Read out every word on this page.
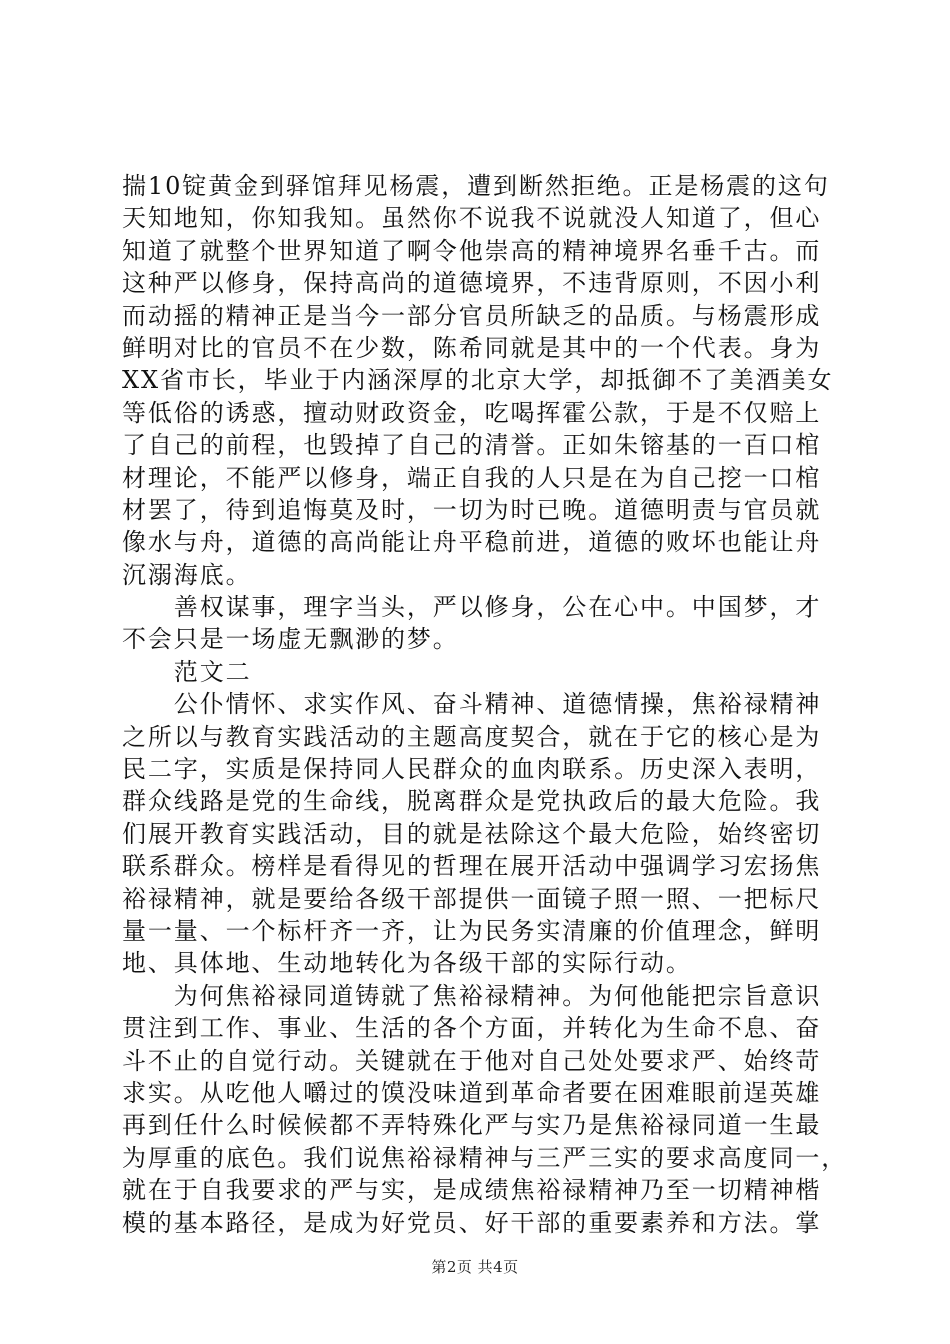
揣10锭黄金到驿馆拜见杨震，遭到断然拒绝。正是杨震的这句
天知地知，你知我知。虽然你不说我不说就没人知道了，但心
知道了就整个世界知道了啊令他崇高的精神境界名垂千古。而
这种严以修身，保持高尚的道德境界，不违背原则，不因小利
而动摇的精神正是当今一部分官员所缺乏的品质。与杨震形成
鲜明对比的官员不在少数，陈希同就是其中的一个代表。身为
XX省市长，毕业于内涵深厚的北京大学，却抵御不了美酒美女
等低俗的诱惑，擅动财政资金，吃喝挥霍公款，于是不仅赔上
了自己的前程，也毁掉了自己的清誉。正如朱镕基的一百口棺
材理论，不能严以修身，端正自我的人只是在为自己挖一口棺
材罢了，待到追悔莫及时，一切为时已晚。道德明责与官员就
像水与舟，道德的高尚能让舟平稳前进，道德的败坏也能让舟
沉溺海底。
　　善权谋事，理字当头，严以修身，公在心中。中国梦，才
不会只是一场虚无飘渺的梦。
　　范文二
　　公仆情怀、求实作风、奋斗精神、道德情操，焦裕禄精神
之所以与教育实践活动的主题高度契合，就在于它的核心是为
民二字，实质是保持同人民群众的血肉联系。历史深入表明，
群众线路是党的生命线，脱离群众是党执政后的最大危险。我
们展开教育实践活动，目的就是祛除这个最大危险，始终密切
联系群众。榜样是看得见的哲理在展开活动中强调学习宏扬焦
裕禄精神，就是要给各级干部提供一面镜子照一照、一把标尺
量一量、一个标杆齐一齐，让为民务实清廉的价值理念，鲜明
地、具体地、生动地转化为各级干部的实际行动。
　　为何焦裕禄同道铸就了焦裕禄精神。为何他能把宗旨意识
贯注到工作、事业、生活的各个方面，并转化为生命不息、奋
斗不止的自觉行动。关键就在于他对自己处处要求严、始终苛
求实。从吃他人嚼过的馍没味道到革命者要在困难眼前逞英雄
再到任什么时候候都不弄特殊化严与实乃是焦裕禄同道一生最
为厚重的底色。我们说焦裕禄精神与三严三实的要求高度同一，
就在于自我要求的严与实，是成绩焦裕禄精神乃至一切精神楷
模的基本路径，是成为好党员、好干部的重要素养和方法。掌
第2页 共4页
